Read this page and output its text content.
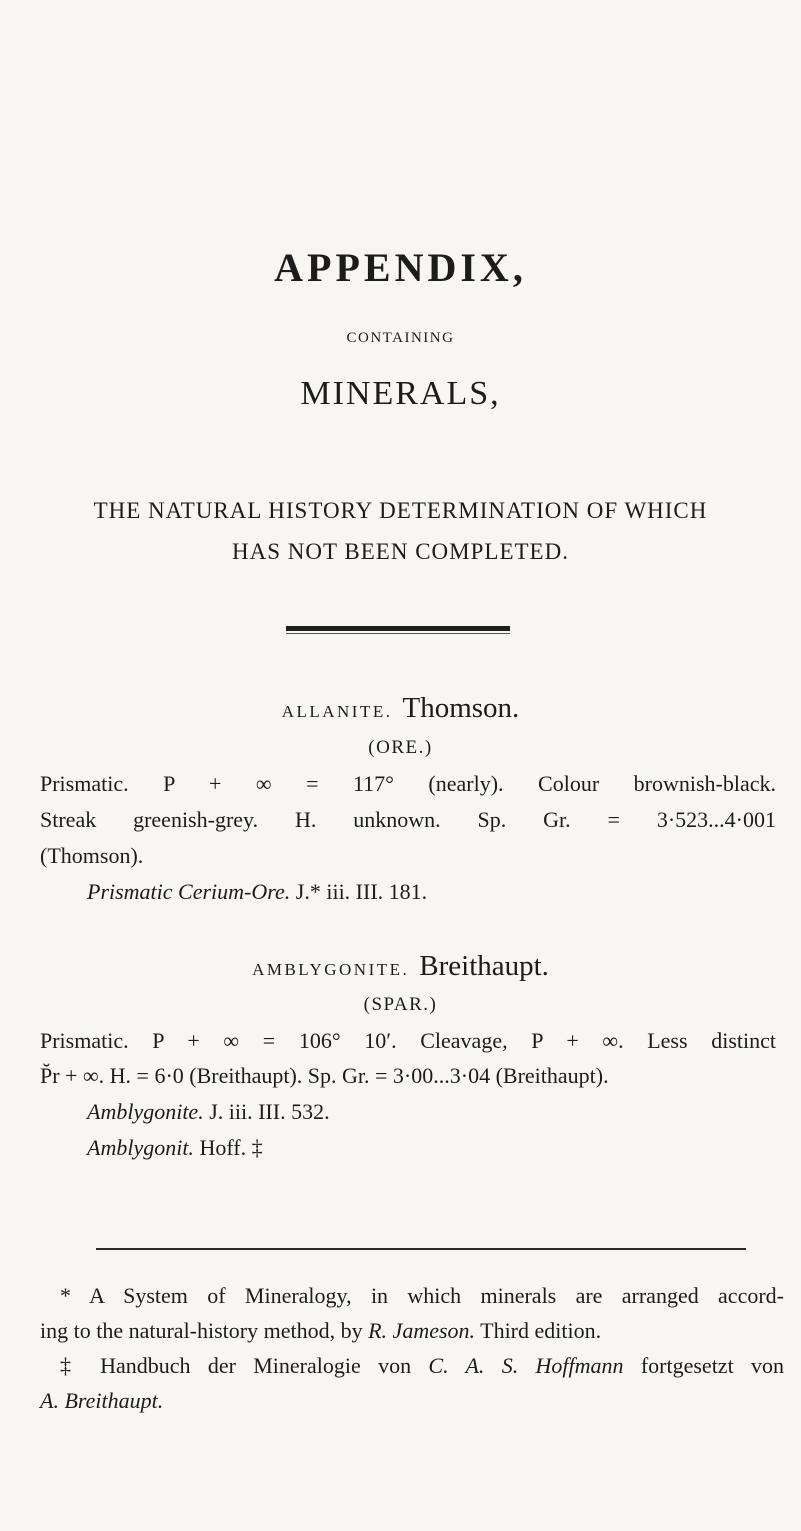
APPENDIX,
CONTAINING
MINERALS,
THE NATURAL HISTORY DETERMINATION OF WHICH
HAS NOT BEEN COMPLETED.
ALLANITE. Thomson.
(ORE.)
Prismatic. P + ∞ = 117° (nearly). Colour brownish-black.
Streak greenish-grey. H. unknown. Sp. Gr. = 3·523...4·001
(Thomson).
Prismatic Cerium-Ore. J.* iii. III. 181.
AMBLYGONITE. Breithaupt.
(SPAR.)
Prismatic. P + ∞ = 106° 10′. Cleavage, P + ∞. Less distinct
P̆r + ∞. H. = 6·0 (Breithaupt). Sp. Gr. = 3·00...3·04 (Breithaupt).
Amblygonite. J. iii. III. 532.
Amblygonit. Hoff. ‡
* A System of Mineralogy, in which minerals are arranged accord-
ing to the natural-history method, by R. Jameson. Third edition.
‡ Handbuch der Mineralogie von C. A. S. Hoffmann fortgesetzt von
A. Breithaupt.
